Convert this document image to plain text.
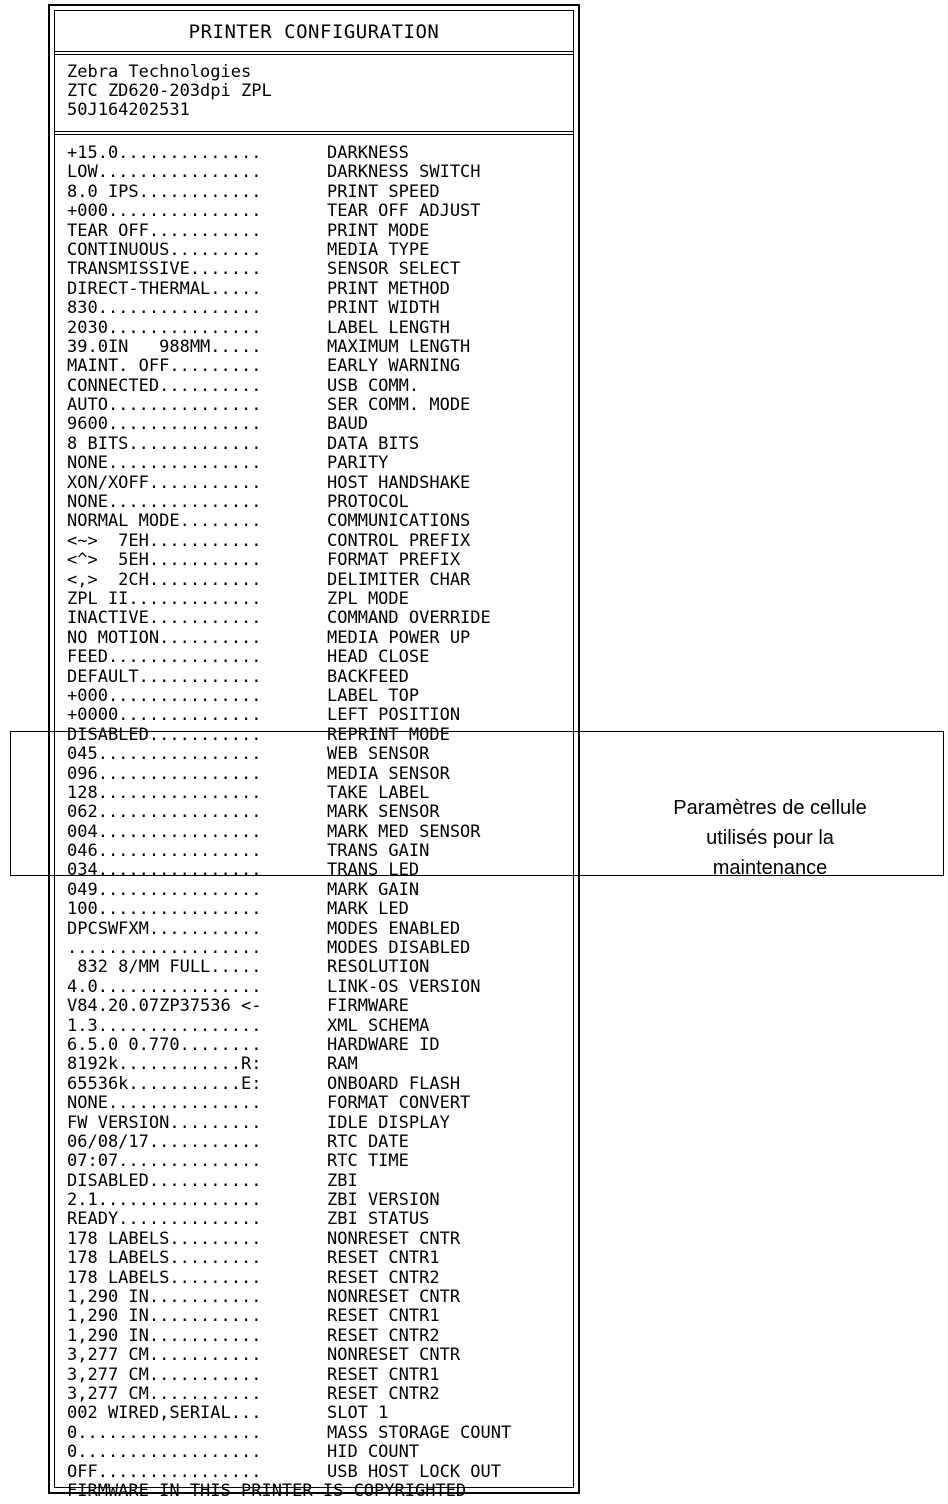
PRINTER CONFIGURATION
Zebra Technologies
ZTC ZD620-203dpi ZPL
50J164202531
+15.0..............	DARKNESS
LOW................	DARKNESS SWITCH
8.0 IPS............	PRINT SPEED
+000...............	TEAR OFF ADJUST
TEAR OFF...........	PRINT MODE
CONTINUOUS.........	MEDIA TYPE
TRANSMISSIVE.......	SENSOR SELECT
DIRECT-THERMAL.....	PRINT METHOD
830................	PRINT WIDTH
2030...............	LABEL LENGTH
39.0IN   988MM.....	MAXIMUM LENGTH
MAINT. OFF.........	EARLY WARNING
CONNECTED..........	USB COMM.
AUTO...............	SER COMM. MODE
9600...............	BAUD
8 BITS.............	DATA BITS
NONE...............	PARITY
XON/XOFF...........	HOST HANDSHAKE
NONE...............	PROTOCOL
NORMAL MODE........	COMMUNICATIONS
<~>  7EH...........	CONTROL PREFIX
<^>  5EH...........	FORMAT PREFIX
<,>  2CH...........	DELIMITER CHAR
ZPL II.............	ZPL MODE
INACTIVE...........	COMMAND OVERRIDE
NO MOTION..........	MEDIA POWER UP
FEED...............	HEAD CLOSE
DEFAULT............	BACKFEED
+000...............	LABEL TOP
+0000..............	LEFT POSITION
DISABLED...........	REPRINT MODE
045................	WEB SENSOR
096................	MEDIA SENSOR
128................	TAKE LABEL
062................	MARK SENSOR
004................	MARK MED SENSOR
046................	TRANS GAIN
034................	TRANS LED
049................	MARK GAIN
100................	MARK LED
DPCSWFXM...........	MODES ENABLED
...................	MODES DISABLED
832 8/MM FULL.....	RESOLUTION
4.0................	LINK-OS VERSION
V84.20.07ZP37536 <-	FIRMWARE
1.3................	XML SCHEMA
6.5.0 0.770........	HARDWARE ID
8192k............R:	RAM
65536k...........E:	ONBOARD FLASH
NONE...............	FORMAT CONVERT
FW VERSION.........	IDLE DISPLAY
06/08/17...........	RTC DATE
07:07..............	RTC TIME
DISABLED...........	ZBI
2.1................	ZBI VERSION
READY..............	ZBI STATUS
178 LABELS.........	NONRESET CNTR
178 LABELS.........	RESET CNTR1
178 LABELS.........	RESET CNTR2
1,290 IN...........	NONRESET CNTR
1,290 IN...........	RESET CNTR1
1,290 IN...........	RESET CNTR2
3,277 CM...........	NONRESET CNTR
3,277 CM...........	RESET CNTR1
3,277 CM...........	RESET CNTR2
002 WIRED,SERIAL...	SLOT 1
0..................	MASS STORAGE COUNT
0..................	HID COUNT
OFF................	USB HOST LOCK OUT
FIRMWARE IN THIS PRINTER IS COPYRIGHTED
Paramètres de cellule
utilisés pour la
maintenance
